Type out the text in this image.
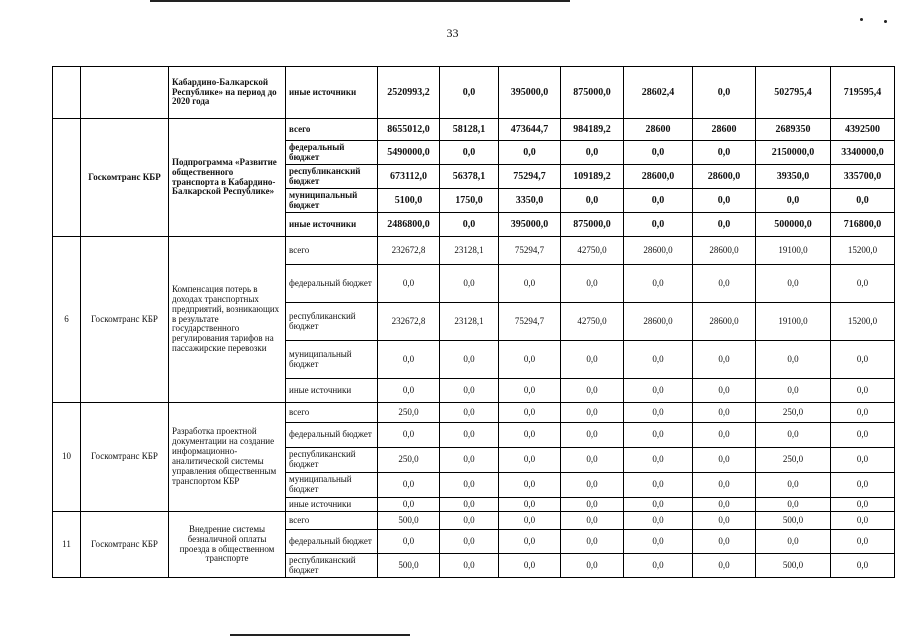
33
		Кабардино-Балкарской Республике» на период до 2020 года	иные источники	2520993,2	0,0	395000,0	875000,0	28602,4	0,0	502795,4	719595,4
	Госкомтранс КБР	Подпрограмма «Развитие общественного транспорта в Кабардино-Балкарской Республике»	всего	8655012,0	58128,1	473644,7	984189,2	28600	28600	2689350	4392500
			федеральный бюджет	5490000,0	0,0	0,0	0,0	0,0	0,0	2150000,0	3340000,0
			республиканский бюджет	673112,0	56378,1	75294,7	109189,2	28600,0	28600,0	39350,0	335700,0
			муниципальный бюджет	5100,0	1750,0	3350,0	0,0	0,0	0,0	0,0	0,0
			иные источники	2486800,0	0,0	395000,0	875000,0	0,0	0,0	500000,0	716800,0
6	Госкомтранс КБР	Компенсация потерь в доходах транспортных предприятий, возникающих в результате государственного регулирования тарифов на пассажирские перевозки	всего	232672,8	23128,1	75294,7	42750,0	28600,0	28600,0	19100,0	15200,0
			федеральный бюджет	0,0	0,0	0,0	0,0	0,0	0,0	0,0	0,0
			республиканский бюджет	232672,8	23128,1	75294,7	42750,0	28600,0	28600,0	19100,0	15200,0
			муниципальный бюджет	0,0	0,0	0,0	0,0	0,0	0,0	0,0	0,0
			иные источники	0,0	0,0	0,0	0,0	0,0	0,0	0,0	0,0
10	Госкомтранс КБР	Разработка проектной документации на создание информационно-аналитической системы управления общественным транспортом КБР	всего	250,0	0,0	0,0	0,0	0,0	0,0	250,0	0,0
			федеральный бюджет	0,0	0,0	0,0	0,0	0,0	0,0	0,0	0,0
			республиканский бюджет	250,0	0,0	0,0	0,0	0,0	0,0	250,0	0,0
			муниципальный бюджет	0,0	0,0	0,0	0,0	0,0	0,0	0,0	0,0
			иные источники	0,0	0,0	0,0	0,0	0,0	0,0	0,0	0,0
11	Госкомтранс КБР	Внедрение системы безналичной оплаты проезда в общественном транспорте	всего	500,0	0,0	0,0	0,0	0,0	0,0	500,0	0,0
			федеральный бюджет	0,0	0,0	0,0	0,0	0,0	0,0	0,0	0,0
			республиканский бюджет	500,0	0,0	0,0	0,0	0,0	0,0	500,0	0,0
